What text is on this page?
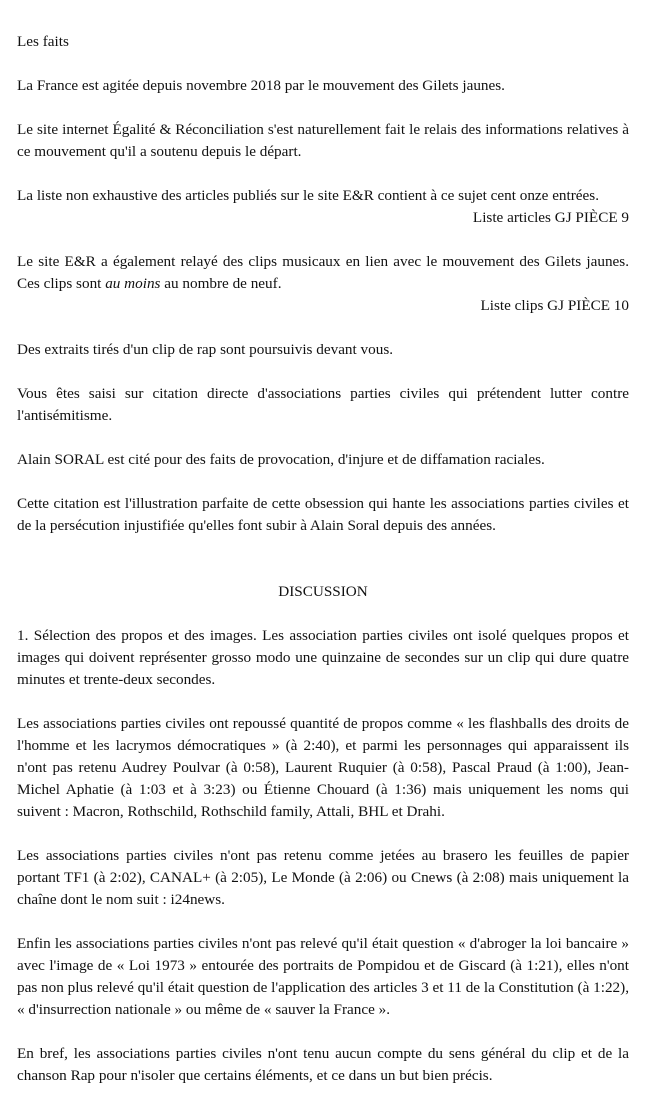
Les faits

La France est agitée depuis novembre 2018 par le mouvement des Gilets jaunes.

Le site internet Égalité & Réconciliation s'est naturellement fait le relais des informations relatives à ce mouvement qu'il a soutenu depuis le départ.

La liste non exhaustive des articles publiés sur le site E&R contient à ce sujet cent onze entrées.

Liste articles GJ PIÈCE 9

Le site E&R a également relayé des clips musicaux en lien avec le mouvement des Gilets jaunes. Ces clips sont au moins au nombre de neuf.

Liste clips GJ PIÈCE 10

Des extraits tirés d'un clip de rap sont poursuivis devant vous.

Vous êtes saisi sur citation directe d'associations parties civiles qui prétendent lutter contre l'antisémitisme.

Alain SORAL est cité pour des faits de provocation, d'injure et de diffamation raciales.

Cette citation est l'illustration parfaite de cette obsession qui hante les associations parties civiles et de la persécution injustifiée qu'elles font subir à Alain Soral depuis des années.

DISCUSSION

1. Sélection des propos et des images. Les association parties civiles ont isolé quelques propos et images qui doivent représenter grosso modo une quinzaine de secondes sur un clip qui dure quatre minutes et trente-deux secondes.

Les associations parties civiles ont repoussé quantité de propos comme « les flashballs des droits de l'homme et les lacrymos démocratiques » (à 2:40), et parmi les personnages qui apparaissent ils n'ont pas retenu Audrey Poulvar (à 0:58), Laurent Ruquier (à 0:58), Pascal Praud (à 1:00), Jean-Michel Aphatie (à 1:03 et à 3:23) ou Étienne Chouard (à 1:36) mais uniquement les noms qui suivent : Macron, Rothschild, Rothschild family, Attali, BHL et Drahi.

Les associations parties civiles n'ont pas retenu comme jetées au brasero les feuilles de papier portant TF1 (à 2:02), CANAL+ (à 2:05), Le Monde (à 2:06) ou Cnews (à 2:08) mais uniquement la chaîne dont le nom suit : i24news.

Enfin les associations parties civiles n'ont pas relevé qu'il était question « d'abroger la loi bancaire » avec l'image de « Loi 1973 » entourée des portraits de Pompidou et de Giscard (à 1:21), elles n'ont pas non plus relevé qu'il était question de l'application des articles 3 et 11 de la Constitution (à 1:22), « d'insurrection nationale » ou même de « sauver la France ».

En bref, les associations parties civiles n'ont tenu aucun compte du sens général du clip et de la chanson Rap pour n'isoler que certains éléments, et ce dans un but bien précis.
